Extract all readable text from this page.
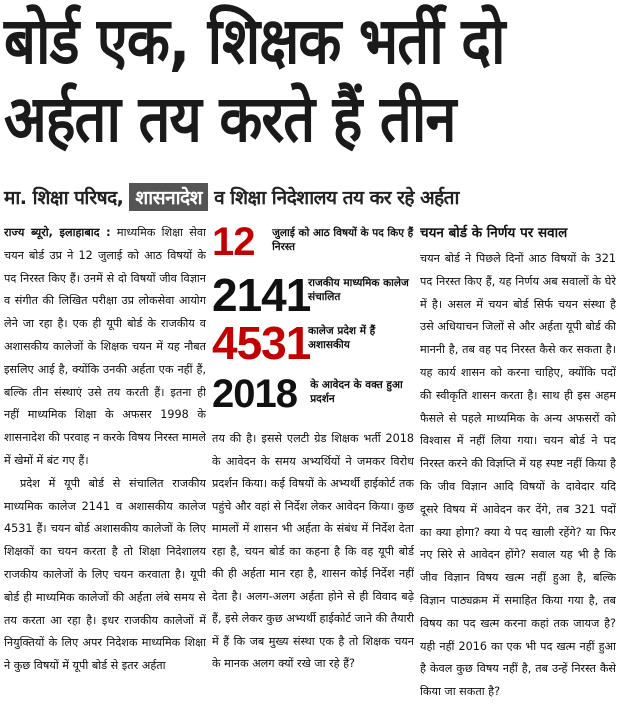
बोर्ड एक, शिक्षक भर्ती दो
अर्हता तय करते हैं तीन
मा. शिक्षा परिषद, शासनादेश व शिक्षा निदेशालय तय कर रहे अर्हता

राज्य ब्यूरो, इलाहाबाद : माध्यमिक शिक्षा सेवा चयन बोर्ड उप्र ने 12 जुलाई को आठ विषयों के पद निरस्त किए हैं। उनमें से दो विषयों जीव विज्ञान व संगीत की लिखित परीक्षा उप्र लोकसेवा आयोग लेने जा रहा है। एक ही यूपी बोर्ड के राजकीय व अशासकीय कालेजों के शिक्षक चयन में यह नौबत इसलिए आई है, क्योंकि उनकी अर्हता एक नहीं हैं, बल्कि तीन संस्थाएं उसे तय करती हैं। इतना ही नहीं माध्यमिक शिक्षा के अफसर 1998 के शासनादेश की परवाह न करके विषय निरस्त मामले में खेमों में बंट गए हैं।

प्रदेश में यूपी बोर्ड से संचालित राजकीय माध्यमिक कालेज 2141 व अशासकीय कालेज 4531 हैं। चयन बोर्ड अशासकीय कालेजों के लिए शिक्षकों का चयन करता है तो शिक्षा निदेशालय राजकीय कालेजों के लिए चयन करवाता है। यूपी बोर्ड ही माध्यमिक कालेजों की अर्हता लंबे समय से तय करता आ रहा है। इधर राजकीय कालेजों में नियुक्तियों के लिए अपर निदेशक माध्यमिक शिक्षा ने कुछ विषयों में यूपी बोर्ड से इतर अर्हता

12	जुलाई को आठ विषयों के पद किए हैं निरस्त
2141
राजकीय माध्यमिक कालेज संचालित
4531
कालेज प्रदेश में हैं अशासकीय
2018	के आवेदन के वक्त हुआ प्रदर्शन

तय की है। इससे एलटी ग्रेड शिक्षक भर्ती 2018 के आवेदन के समय अभ्यर्थियों ने जमकर विरोध प्रदर्शन किया। कई विषयों के अभ्यर्थी हाईकोर्ट तक पहुंचे और वहां से निर्देश लेकर आवेदन किया। कुछ मामलों में शासन भी अर्हता के संबंध में निर्देश देता रहा है, चयन बोर्ड का कहना है कि वह यूपी बोर्ड की ही अर्हता मान रहा है, शासन कोई निर्देश नहीं देता है। अलग-अलग अर्हता होने से ही विवाद बढ़े हैं, इसे लेकर कुछ अभ्यर्थी हाईकोर्ट जाने की तैयारी में हैं कि जब मुख्य संस्था एक है तो शिक्षक चयन के मानक अलग क्यों रखे जा रहे हैं?

चयन बोर्ड के निर्णय पर सवाल

चयन बोर्ड ने पिछले दिनों आठ विषयों के 321 पद निरस्त किए हैं, यह निर्णय अब सवालों के घेरे में है। असल में चयन बोर्ड सिर्फ चयन संस्था है उसे अधियाचन जिलों से और अर्हता यूपी बोर्ड की माननी है, तब वह पद निरस्त कैसे कर सकता है। यह कार्य शासन को करना चाहिए, क्योंकि पदों की स्वीकृति शासन करता है। साथ ही इस अहम फैसले से पहले माध्यमिक के अन्य अफसरों को विश्वास में नहीं लिया गया। चयन बोर्ड ने पद निरस्त करने की विज्ञप्ति में यह स्पष्ट नहीं किया है कि जीव विज्ञान आदि विषयों के दावेदार यदि दूसरे विषय में आवेदन कर देंगे, तब 321 पदों का क्या होगा? क्या ये पद खाली रहेंगे? या फिर नए सिरे से आवेदन होंगे? सवाल यह भी है कि जीव विज्ञान विषय खत्म नहीं हुआ है, बल्कि विज्ञान पाठ्यक्रम में समाहित किया गया है, तब विषय का पद खत्म करना कहां तक जायज है? यही नहीं 2016 का एक भी पद खत्म नहीं हुआ है केवल कुछ विषय नहीं है, तब उन्हें निरस्त कैसे किया जा सकता है?
